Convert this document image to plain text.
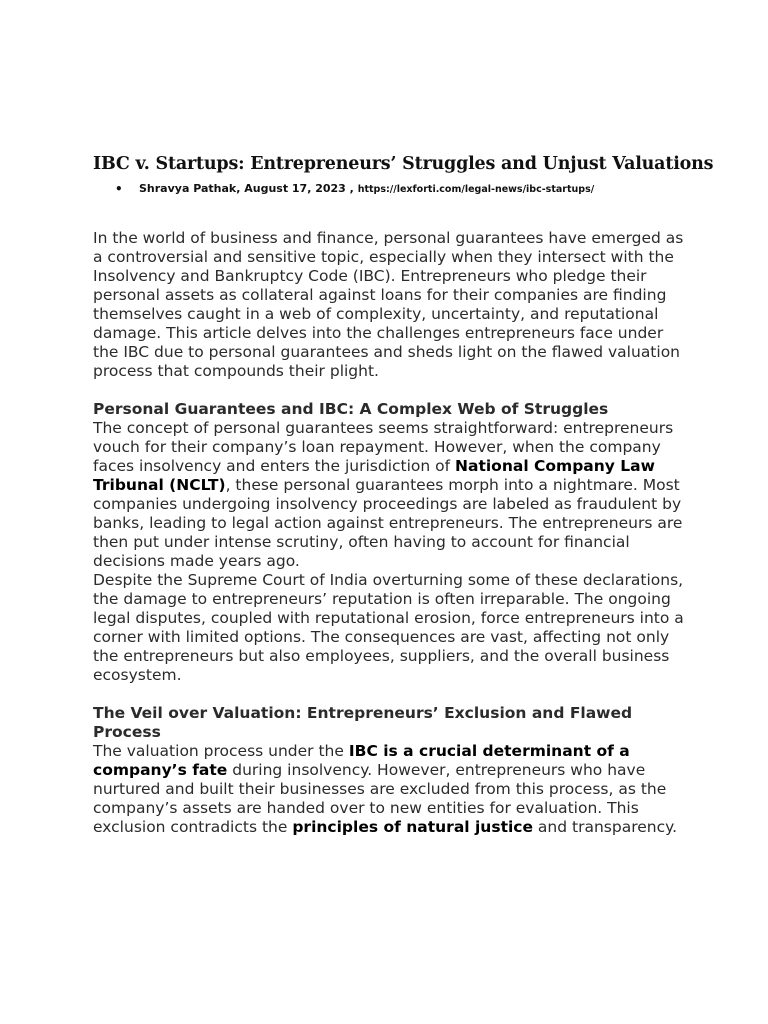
IBC v. Startups: Entrepreneurs’ Struggles and Unjust Valuations
• Shravya Pathak, August 17, 2023 , https://lexforti.com/legal-news/ibc-startups/

In the world of business and finance, personal guarantees have emerged as a controversial and sensitive topic, especially when they intersect with the Insolvency and Bankruptcy Code (IBC). Entrepreneurs who pledge their personal assets as collateral against loans for their companies are finding themselves caught in a web of complexity, uncertainty, and reputational damage. This article delves into the challenges entrepreneurs face under the IBC due to personal guarantees and sheds light on the flawed valuation process that compounds their plight.

Personal Guarantees and IBC: A Complex Web of Struggles

The concept of personal guarantees seems straightforward: entrepreneurs vouch for their company’s loan repayment. However, when the company faces insolvency and enters the jurisdiction of National Company Law Tribunal (NCLT), these personal guarantees morph into a nightmare. Most companies undergoing insolvency proceedings are labeled as fraudulent by banks, leading to legal action against entrepreneurs. The entrepreneurs are then put under intense scrutiny, often having to account for financial decisions made years ago.

Despite the Supreme Court of India overturning some of these declarations, the damage to entrepreneurs’ reputation is often irreparable. The ongoing legal disputes, coupled with reputational erosion, force entrepreneurs into a corner with limited options. The consequences are vast, affecting not only the entrepreneurs but also employees, suppliers, and the overall business ecosystem.

The Veil over Valuation: Entrepreneurs’ Exclusion and Flawed Process

The valuation process under the IBC is a crucial determinant of a company’s fate during insolvency. However, entrepreneurs who have nurtured and built their businesses are excluded from this process, as the company’s assets are handed over to new entities for evaluation. This exclusion contradicts the principles of natural justice and transparency.
